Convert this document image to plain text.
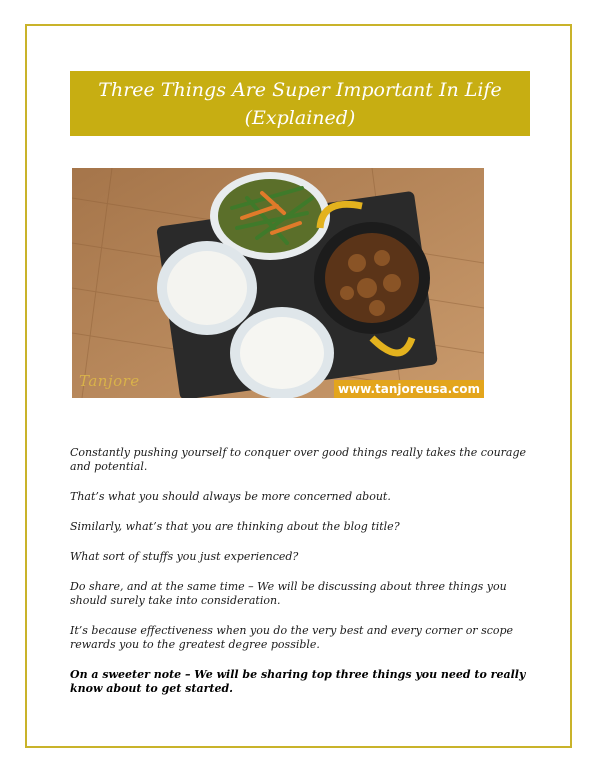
Three Things Are Super Important In Life
(Explained)
Tanjore	www.tanjoreusa.com

Constantly pushing yourself to conquer over good things really takes the courage and potential.

That’s what you should always be more concerned about.

Similarly, what’s that you are thinking about the blog title?

What sort of stuffs you just experienced?

Do share, and at the same time – We will be discussing about three things you should surely take into consideration.

It’s because effectiveness when you do the very best and every corner or scope rewards you to the greatest degree possible.

On a sweeter note – We will be sharing top three things you need to really know about to get started.
